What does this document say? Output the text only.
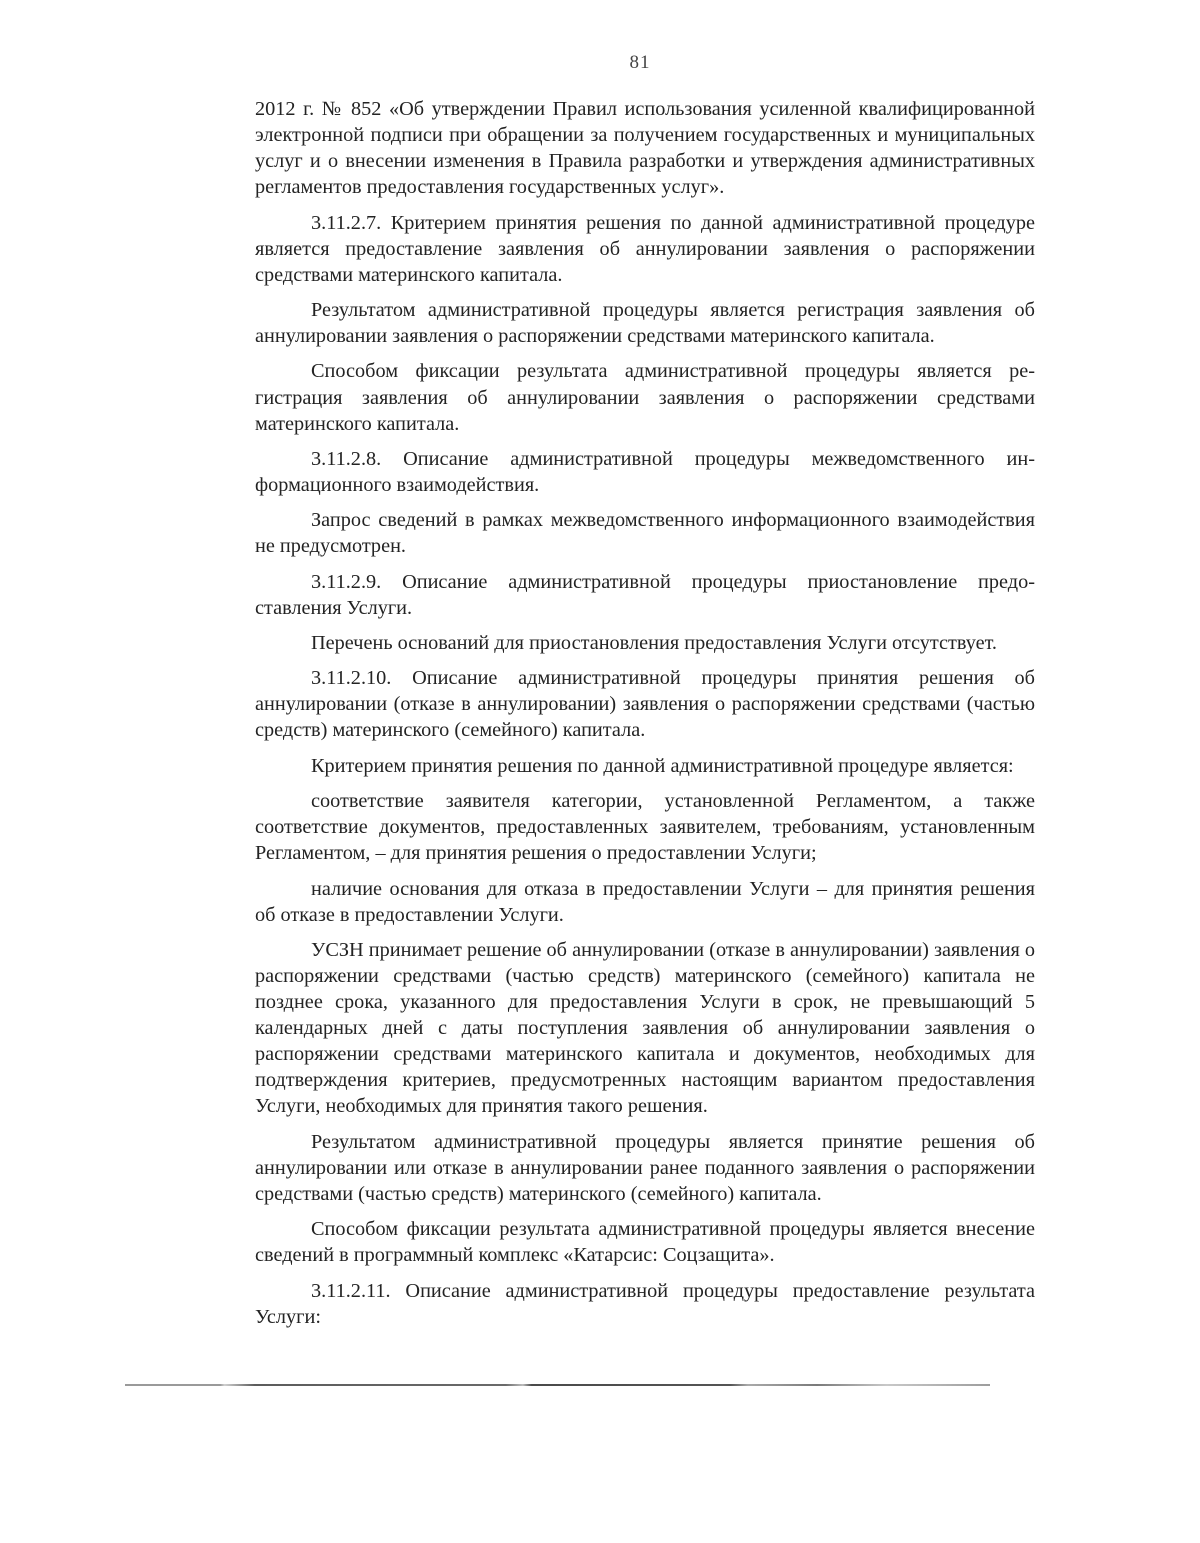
81

2012 г. № 852 «Об утверждении Правил использования усиленной квалифицированной электронной подписи при обращении за получением государственных и муниципальных услуг и о внесении изменения в Правила разработки и утверждения административных регламентов предоставления государственных услуг».

3.11.2.7. Критерием принятия решения по данной административной процедуре является предоставление заявления об аннулировании заявления о распоряжении средствами материнского капитала.

Результатом административной процедуры является регистрация заявления об аннулировании заявления о распоряжении средствами материнского капитала.

Способом фиксации результата административной процедуры является регистрация заявления об аннулировании заявления о распоряжении средствами материнского капитала.

3.11.2.8. Описание административной процедуры межведомственного информационного взаимодействия.

Запрос сведений в рамках межведомственного информационного взаимодействия не предусмотрен.

3.11.2.9. Описание административной процедуры приостановление предоставления Услуги.

Перечень оснований для приостановления предоставления Услуги отсутствует.

3.11.2.10. Описание административной процедуры принятия решения об аннулировании (отказе в аннулировании) заявления о распоряжении средствами (частью средств) материнского (семейного) капитала.

Критерием принятия решения по данной административной процедуре является:

соответствие заявителя категории, установленной Регламентом, а также соответствие документов, предоставленных заявителем, требованиям, установленным Регламентом, – для принятия решения о предоставлении Услуги;

наличие основания для отказа в предоставлении Услуги – для принятия решения об отказе в предоставлении Услуги.

УСЗН принимает решение об аннулировании (отказе в аннулировании) заявления о распоряжении средствами (частью средств) материнского (семейного) капитала не позднее срока, указанного для предоставления Услуги в срок, не превышающий 5 календарных дней с даты поступления заявления об аннулировании заявления о распоряжении средствами материнского капитала и документов, необходимых для подтверждения критериев, предусмотренных настоящим вариантом предоставления Услуги, необходимых для принятия такого решения.

Результатом административной процедуры является принятие решения об аннулировании или отказе в аннулировании ранее поданного заявления о распоряжении средствами (частью средств) материнского (семейного) капитала.

Способом фиксации результата административной процедуры является внесение сведений в программный комплекс «Катарсис: Соцзащита».

3.11.2.11. Описание административной процедуры предоставление результата Услуги:
